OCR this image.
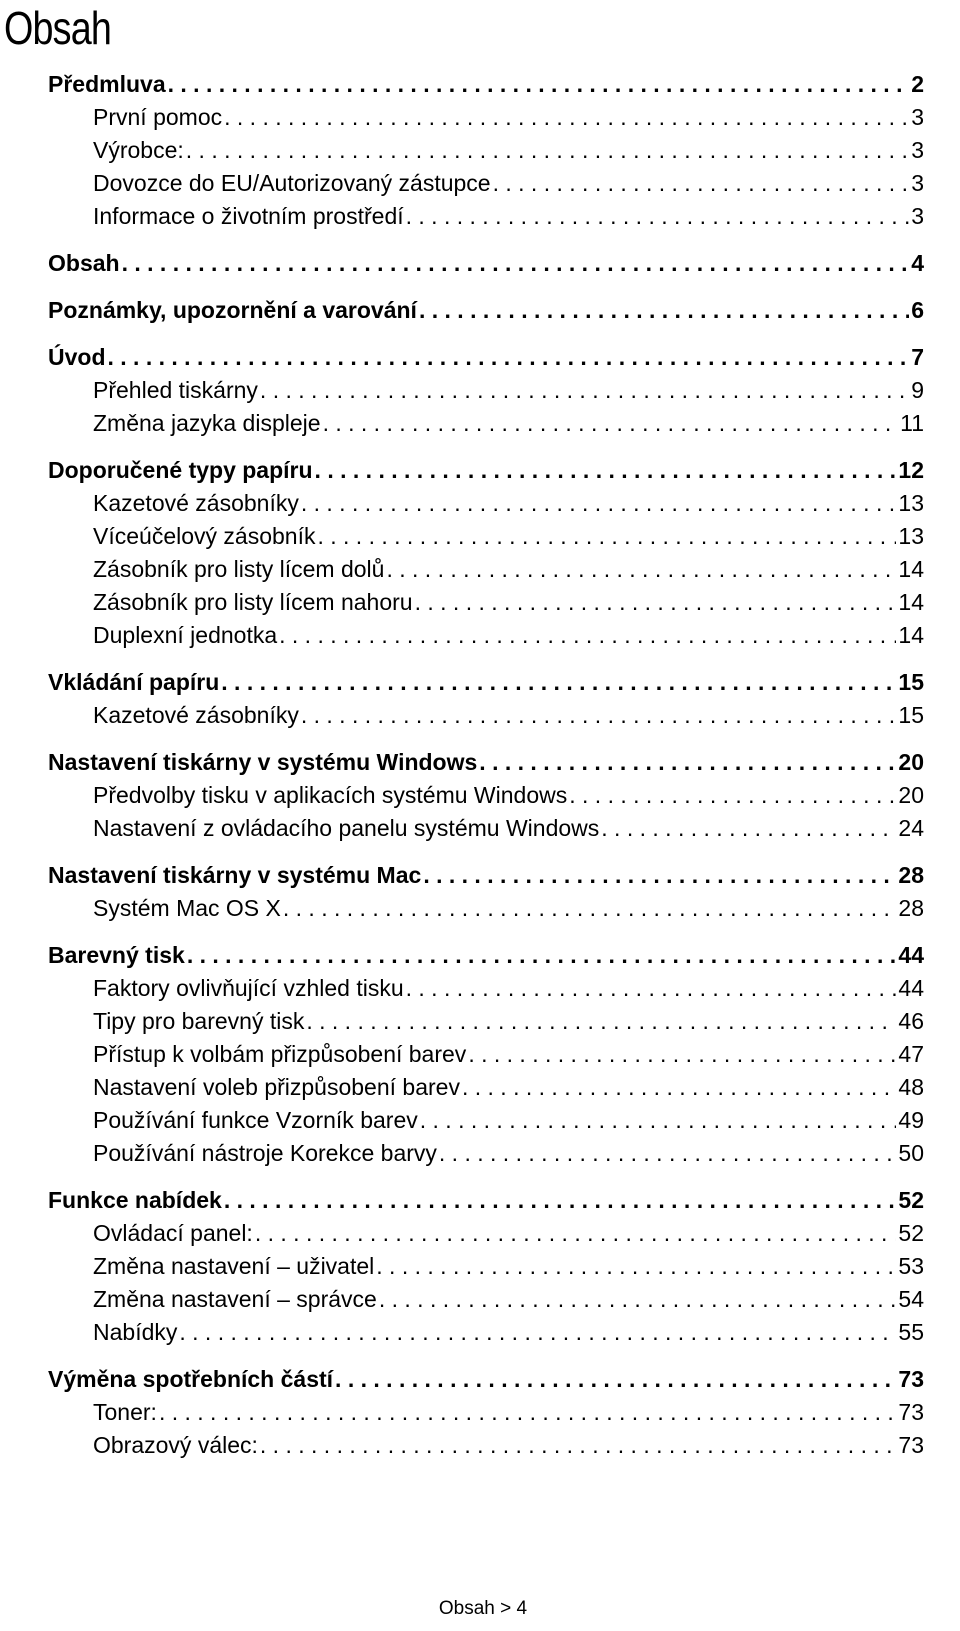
Obsah
Předmluva . . .	2
První pomoc . . .	3
Výrobce: . . .	3
Dovozce do EU/Autorizovaný zástupce . . .	3
Informace o životním prostředí . . .	3
Obsah . . .	4
Poznámky, upozornění a varování . . .	6
Úvod . . .	7
Přehled tiskárny . . .	9
Změna jazyka displeje . . .	11
Doporučené typy papíru . . .	12
Kazetové zásobníky . . .	13
Víceúčelový zásobník . . .	13
Zásobník pro listy lícem dolů . . .	14
Zásobník pro listy lícem nahoru . . .	14
Duplexní jednotka . . .	14
Vkládání papíru . . .	15
Kazetové zásobníky . . .	15
Nastavení tiskárny v systému Windows . . .	20
Předvolby tisku v aplikacích systému Windows . . .	20
Nastavení z ovládacího panelu systému Windows . . .	24
Nastavení tiskárny v systému Mac . . .	28
Systém Mac OS X . . .	28
Barevný tisk . . .	44
Faktory ovlivňující vzhled tisku . . .	44
Tipy pro barevný tisk . . .	46
Přístup k volbám přizpůsobení barev . . .	47
Nastavení voleb přizpůsobení barev . . .	48
Používání funkce Vzorník barev . . .	49
Používání nástroje Korekce barvy . . .	50
Funkce nabídek . . .	52
Ovládací panel: . . .	52
Změna nastavení – uživatel . . .	53
Změna nastavení – správce . . .	54
Nabídky . . .	55
Výměna spotřebních částí . . .	73
Toner: . . .	73
Obrazový válec: . . .	73
Obsah > 4
